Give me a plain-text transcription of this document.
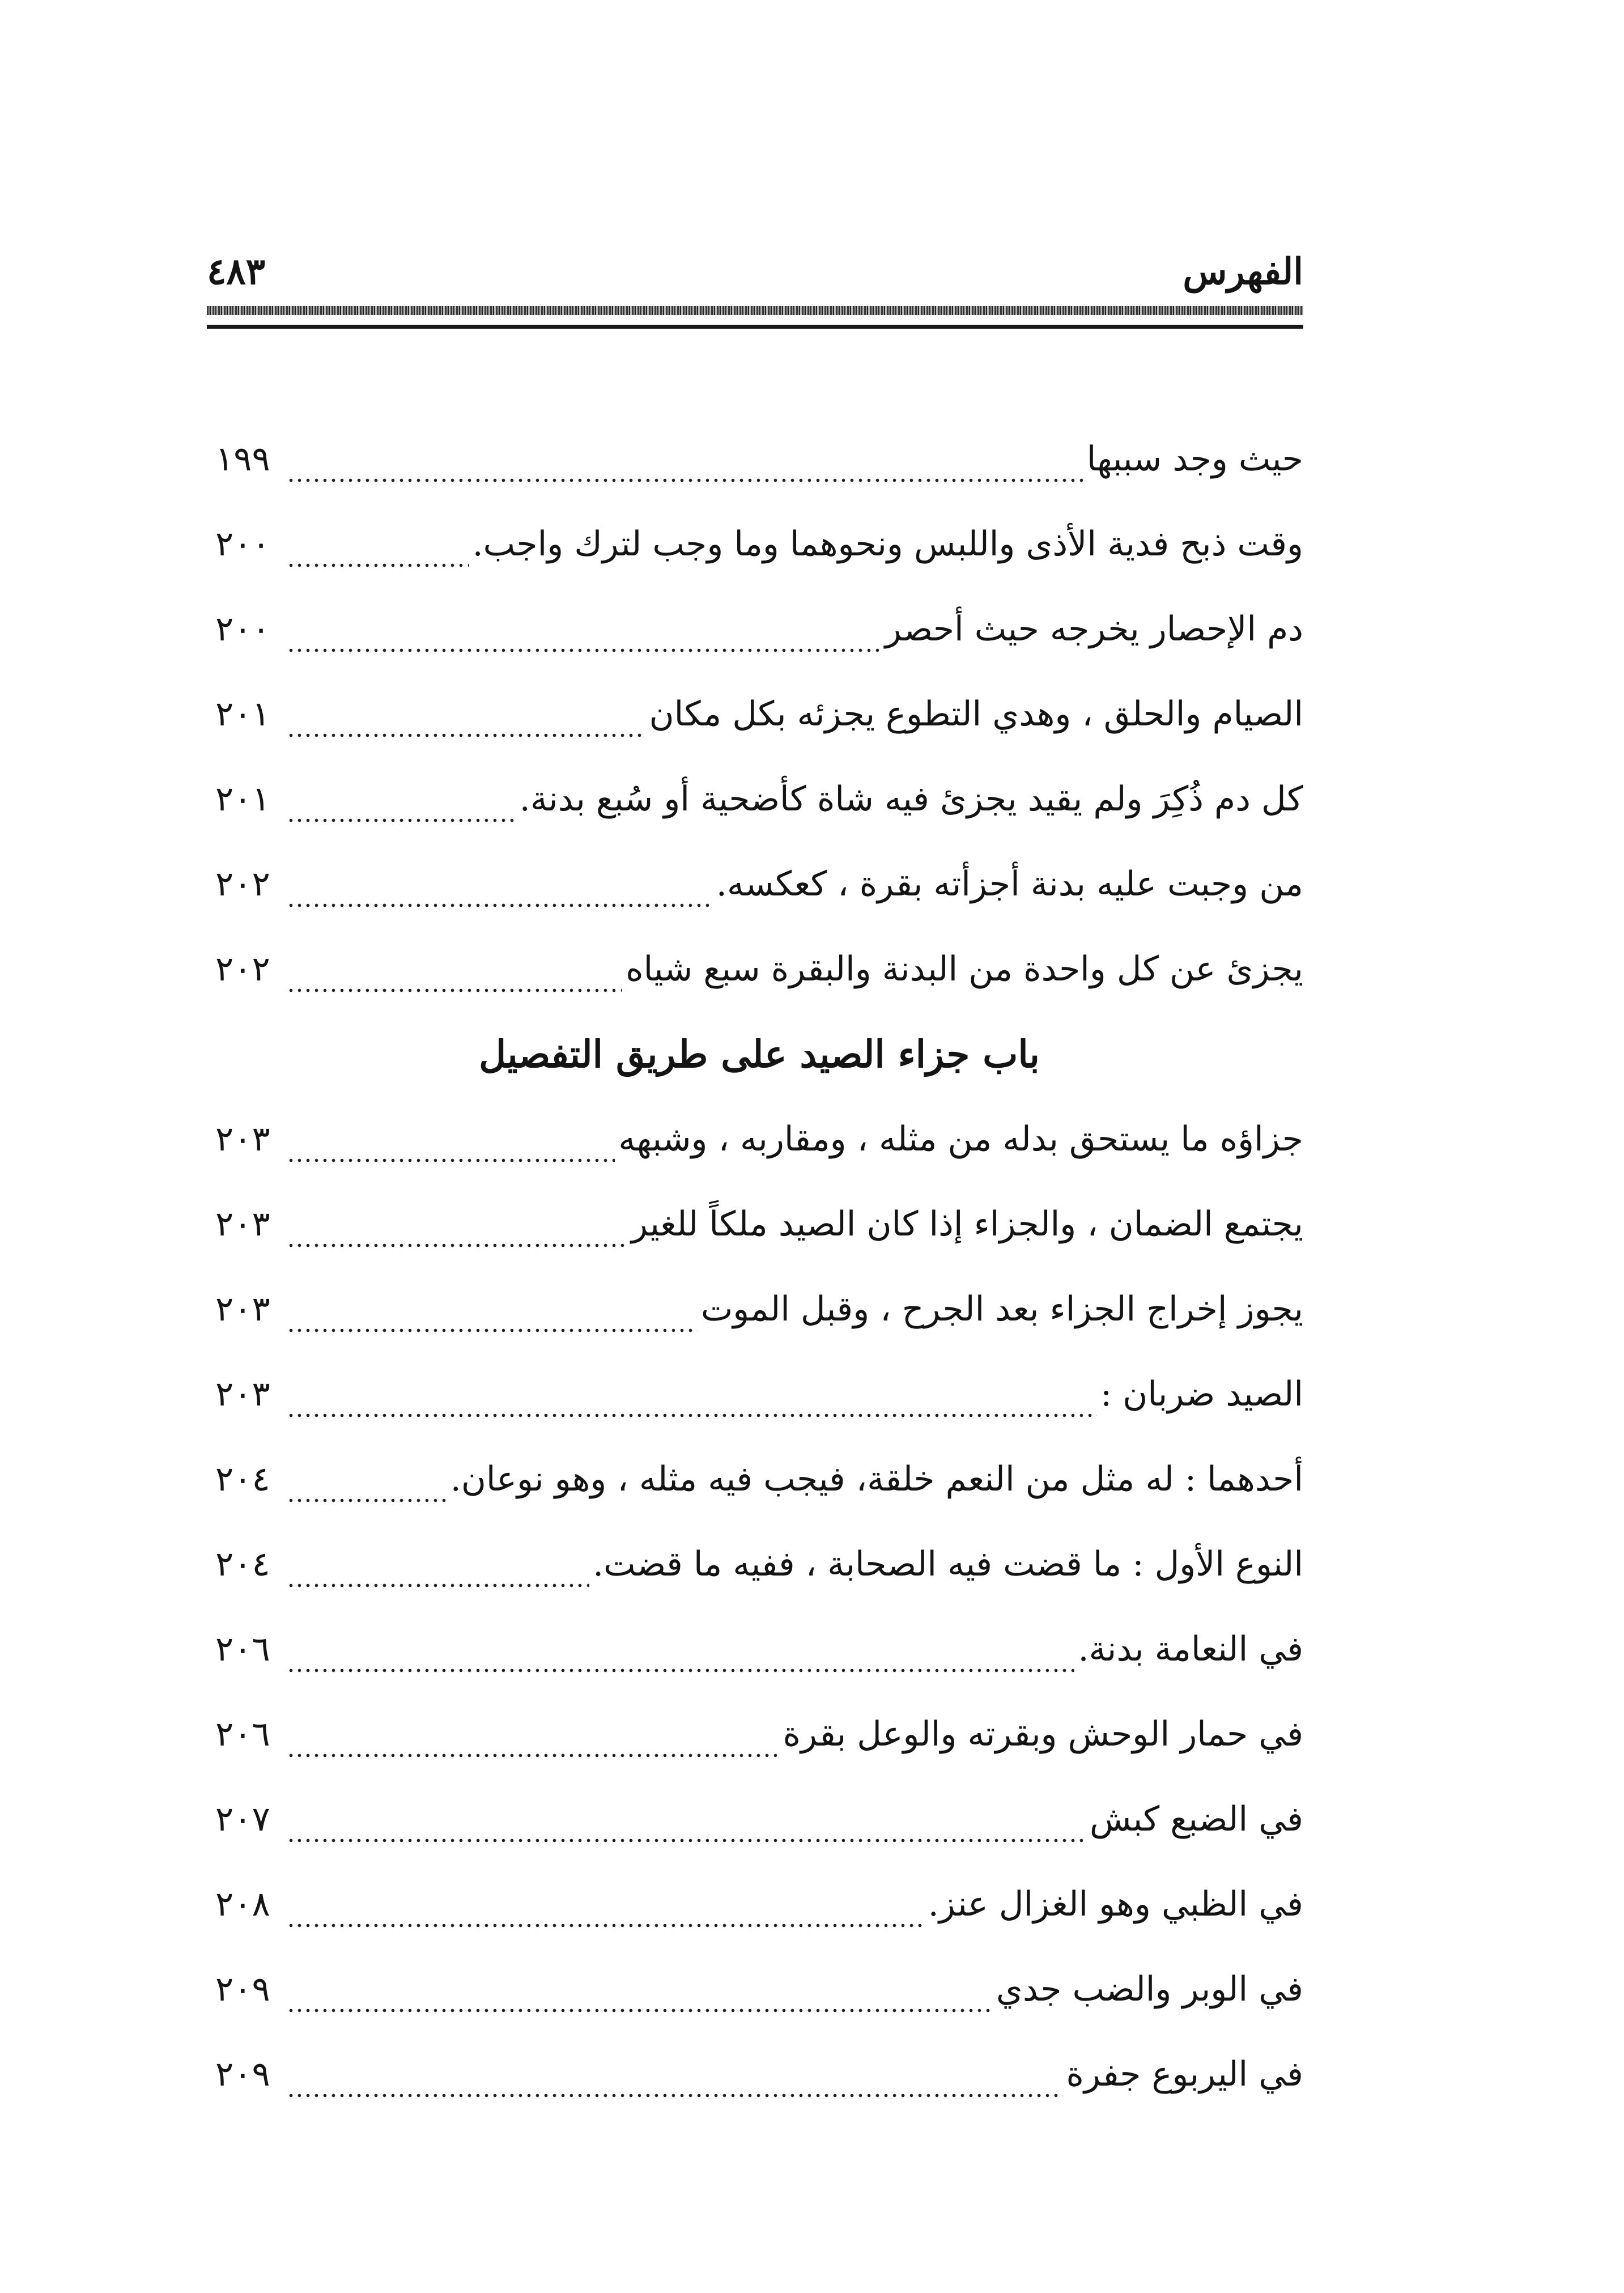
الفهرس
٤٨٣
حيث وجد سببها
١٩٩
وقت ذبح فدية الأذى واللبس ونحوهما وما وجب لترك واجب.
٢٠٠
دم الإحصار يخرجه حيث أحصر
٢٠٠
الصيام والحلق ، وهدي التطوع يجزئه بكل مكان
٢٠١
كل دم ذُكِرَ ولم يقيد يجزئ فيه شاة كأضحية أو سُبع بدنة.
٢٠١
من وجبت عليه بدنة أجزأته بقرة ، كعكسه.
٢٠٢
يجزئ عن كل واحدة من البدنة والبقرة سبع شياه
٢٠٢
باب جزاء الصيد على طريق التفصيل
جزاؤه ما يستحق بدله من مثله ، ومقاربه ، وشبهه
٢٠٣
يجتمع الضمان ، والجزاء إذا كان الصيد ملكاً للغير
٢٠٣
يجوز إخراج الجزاء بعد الجرح ، وقبل الموت
٢٠٣
الصيد ضربان :
٢٠٣
أحدهما : له مثل من النعم خلقة، فيجب فيه مثله ، وهو نوعان.
٢٠٤
النوع الأول : ما قضت فيه الصحابة ، ففيه ما قضت.
٢٠٤
في النعامة بدنة.
٢٠٦
في حمار الوحش وبقرته والوعل بقرة
٢٠٦
في الضبع كبش
٢٠٧
في الظبي وهو الغزال عنز.
٢٠٨
في الوبر والضب جدي
٢٠٩
في اليربوع جفرة
٢٠٩
